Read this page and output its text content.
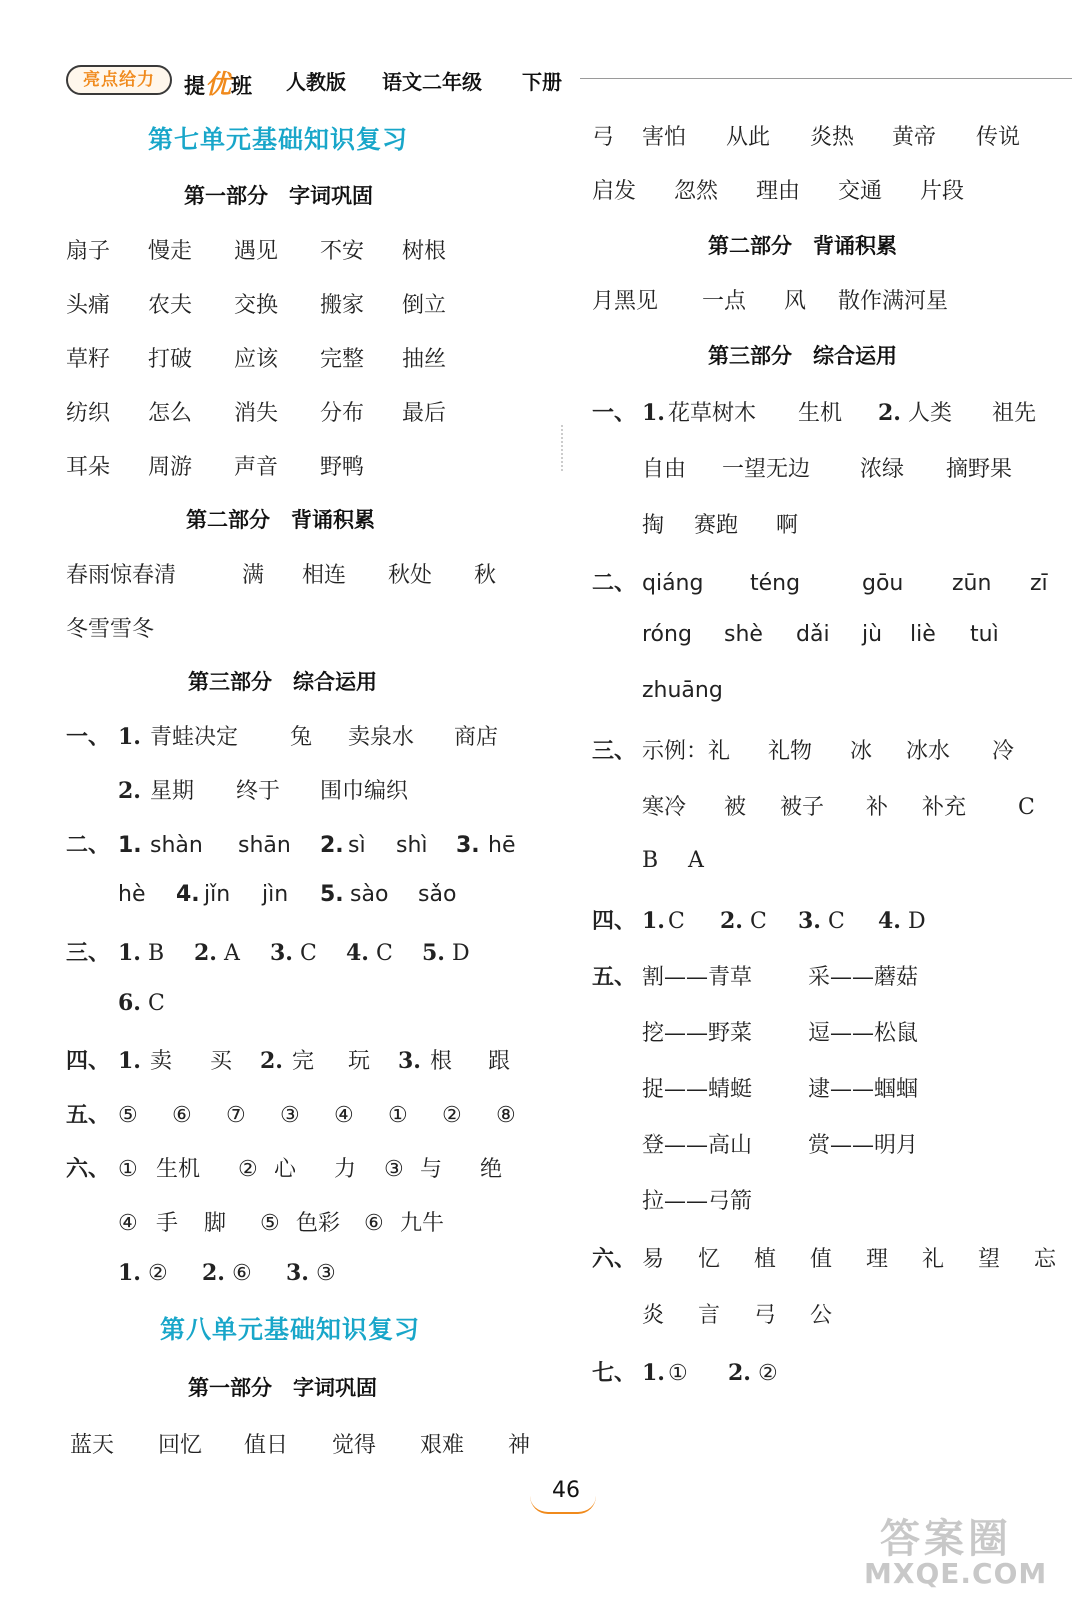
亮点给力	提优班 人教版 语文二年级 下册
第七单元基础知识复习
第一部分　字词巩固
扇子 慢走 遇见 不安 树根
头痛 农夫 交换 搬家 倒立
草籽 打破 应该 完整 抽丝
纺织 怎么 消失 分布 最后
耳朵 周游 声音 野鸭
第二部分　背诵积累
春雨惊春清	满 相连 秋处 秋
冬雪雪冬
第三部分　综合运用
一、 1. 青蛙决定 兔 卖泉水 商店
2. 星期 终于 围巾编织
二、 1. shàn shān 2. sì shì 3. hē
hè 4. jǐn jìn 5. sào sǎo
三、 1. B 2. A 3. C 4. C 5. D
6. C
四、 1. 卖 买 2. 完 玩 3. 根 跟
五、 ⑤ ⑥ ⑦ ③ ④ ① ② ⑧
六、 ① 生机 ② 心 力 ③ 与 绝
④ 手 脚 ⑤ 色彩 ⑥ 九牛
1. ② 2. ⑥ 3. ③
第八单元基础知识复习
第一部分　字词巩固
蓝天 回忆 值日 觉得 艰难 神
弓 害怕 从此 炎热 黄帝 传说
启发 忽然 理由 交通 片段
第二部分　背诵积累
月黑见 一点 风 散作满河星
第三部分　综合运用
一、 1. 花草树木 生机 2. 人类 祖先
自由 一望无边 浓绿 摘野果
掏 赛跑 啊
二、 qiáng téng	gōu zūn zī
róng shè dǎi jù liè tuì
zhuāng
三、 示例：礼 礼物 冰 冰水 冷
寒冷 被 被子 补 补充 C
B A
四、 1. C 2. C 3. C 4. D
五、 割——青草	采——蘑菇
挖——野菜	逗——松鼠
捉——蜻蜓	逮——蝈蝈
登——高山	赏——明月
拉——弓箭
六、 易 忆 植 值 理 礼 望 忘
炎 言 弓 公
七、 1. ① 2. ②
46
答案圈
MXQE.COM
